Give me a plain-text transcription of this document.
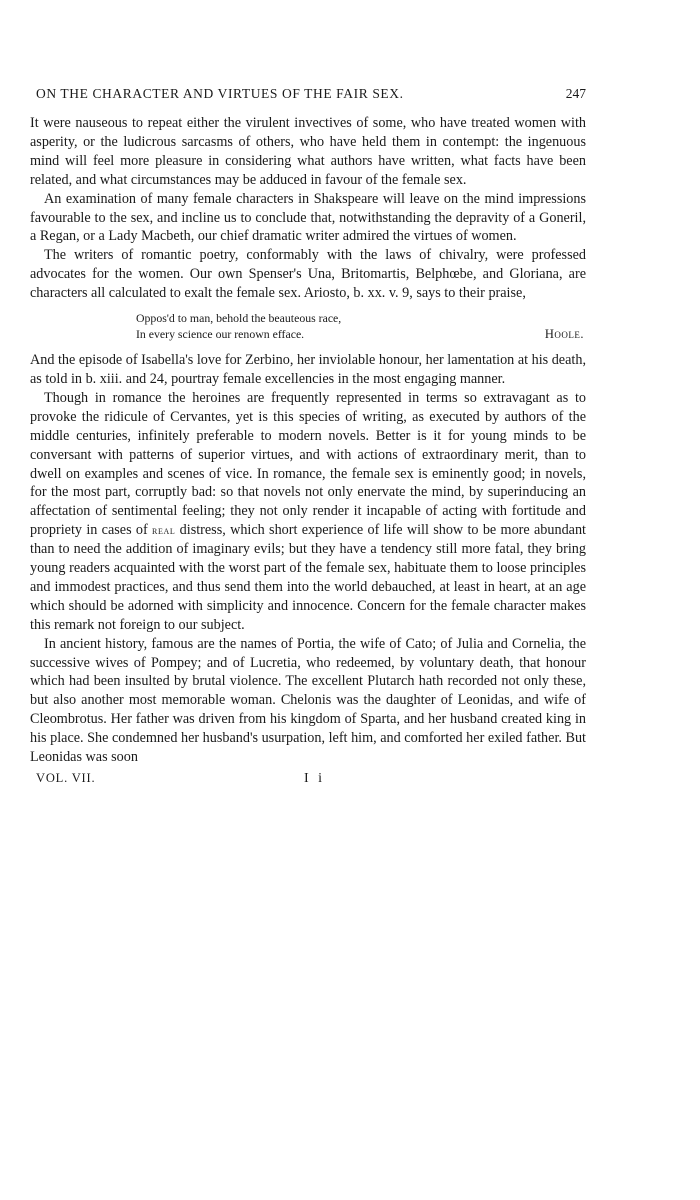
ON THE CHARACTER AND VIRTUES OF THE FAIR SEX.	247

It were nauseous to repeat either the virulent invectives of some, who have treated women with asperity, or the ludicrous sarcasms of others, who have held them in contempt: the ingenuous mind will feel more pleasure in considering what authors have written, what facts have been related, and what circumstances may be adduced in favour of the female sex.

An examination of many female characters in Shakspeare will leave on the mind impressions favourable to the sex, and incline us to conclude that, notwithstanding the depravity of a Goneril, a Regan, or a Lady Macbeth, our chief dramatic writer admired the virtues of women.

The writers of romantic poetry, conformably with the laws of chivalry, were professed advocates for the women. Our own Spenser's Una, Britomartis, Belphœbe, and Gloriana, are characters all calculated to exalt the female sex. Ariosto, b. xx. v. 9, says to their praise,

Oppos'd to man, behold the beauteous race,
In every science our renown efface.	Hoole.

And the episode of Isabella's love for Zerbino, her inviolable honour, her lamentation at his death, as told in b. xiii. and 24, pourtray female excellencies in the most engaging manner.

Though in romance the heroines are frequently represented in terms so extravagant as to provoke the ridicule of Cervantes, yet is this species of writing, as executed by authors of the middle centuries, infinitely preferable to modern novels. Better is it for young minds to be conversant with patterns of superior virtues, and with actions of extraordinary merit, than to dwell on examples and scenes of vice. In romance, the female sex is eminently good; in novels, for the most part, corruptly bad: so that novels not only enervate the mind, by superinducing an affectation of sentimental feeling; they not only render it incapable of acting with fortitude and propriety in cases of real distress, which short experience of life will show to be more abundant than to need the addition of imaginary evils; but they have a tendency still more fatal, they bring young readers acquainted with the worst part of the female sex, habituate them to loose principles and immodest practices, and thus send them into the world debauched, at least in heart, at an age which should be adorned with simplicity and innocence. Concern for the female character makes this remark not foreign to our subject.

In ancient history, famous are the names of Portia, the wife of Cato; of Julia and Cornelia, the successive wives of Pompey; and of Lucretia, who redeemed, by voluntary death, that honour which had been insulted by brutal violence. The excellent Plutarch hath recorded not only these, but also another most memorable woman. Chelonis was the daughter of Leonidas, and wife of Cleombrotus. Her father was driven from his kingdom of Sparta, and her husband created king in his place. She condemned her husband's usurpation, left him, and comforted her exiled father. But Leonidas was soon

VOL. VII.	I i
